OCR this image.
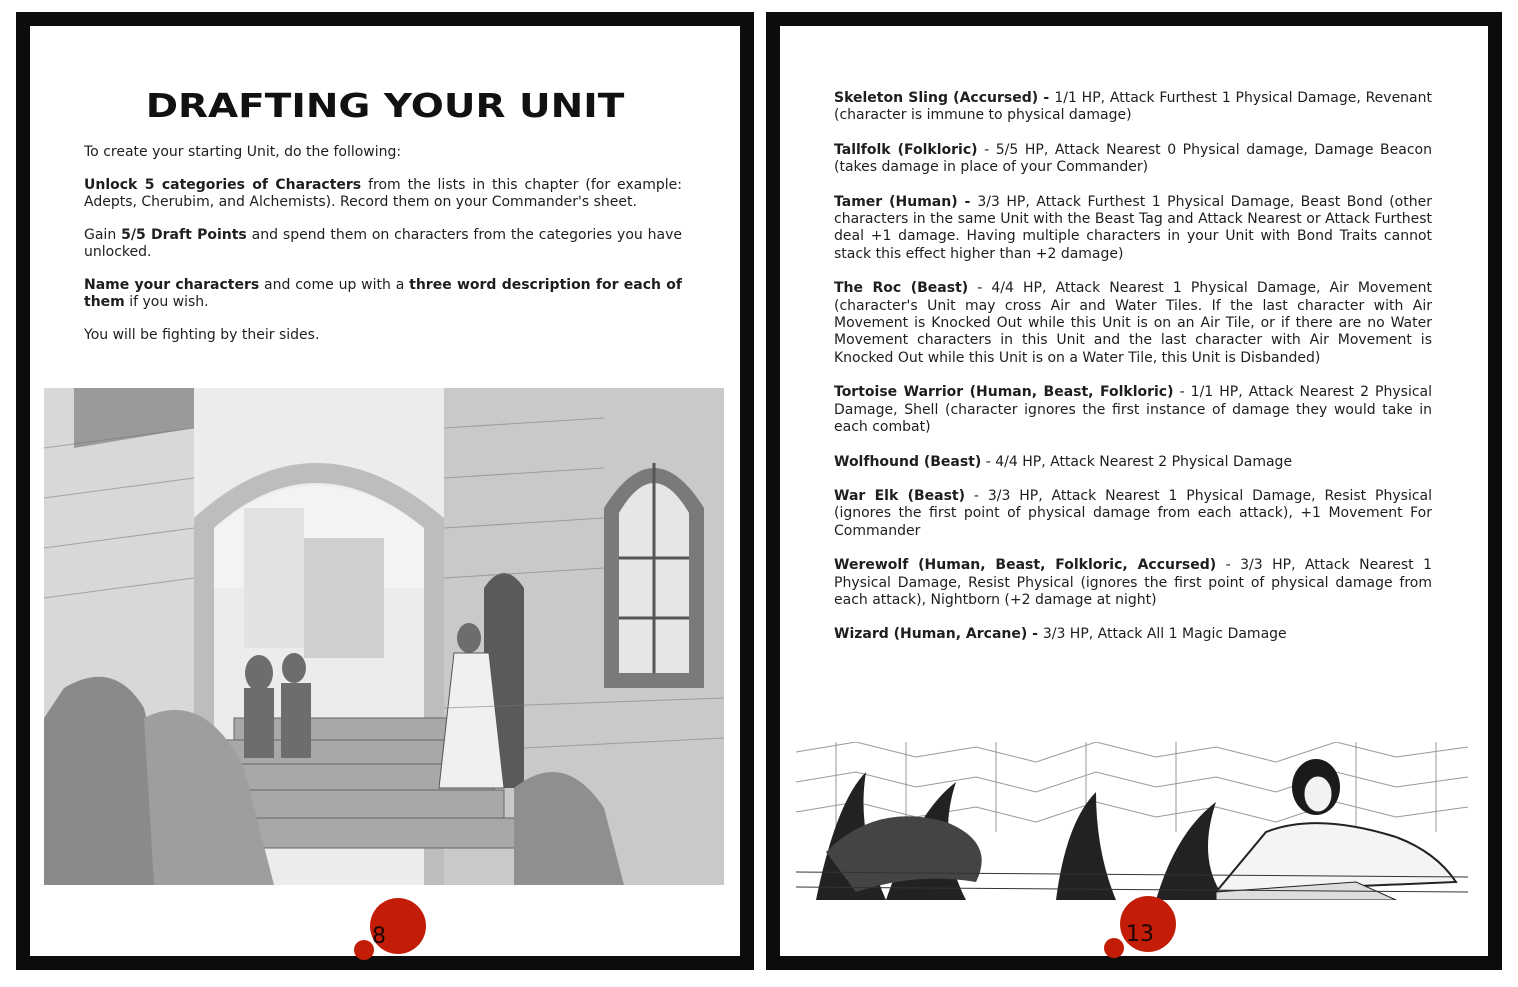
DRAFTING YOUR UNIT

To create your starting Unit, do the following:

Unlock 5 categories of Characters from the lists in this chapter (for example: Adepts, Cherubim, and Alchemists). Record them on your Commander's sheet.

Gain 5/5 Draft Points and spend them on characters from the categories you have unlocked.

Name your characters and come up with a three word description for each of them if you wish.

You will be fighting by their sides.

8

Skeleton Sling (Accursed) - 1/1 HP, Attack Furthest 1 Physical Damage, Revenant (character is immune to physical damage)

Tallfolk (Folkloric) - 5/5 HP, Attack Nearest 0 Physical damage, Damage Beacon (takes damage in place of your Commander)

Tamer (Human) - 3/3 HP, Attack Furthest 1 Physical Damage, Beast Bond (other characters in the same Unit with the Beast Tag and Attack Nearest or Attack Furthest deal +1 damage. Having multiple characters in your Unit with Bond Traits cannot stack this effect higher than +2 damage)

The Roc (Beast) - 4/4 HP, Attack Nearest 1 Physical Damage, Air Movement (character's Unit may cross Air and Water Tiles. If the last character with Air Movement is Knocked Out while this Unit is on an Air Tile, or if there are no Water Movement characters in this Unit and the last character with Air Movement is Knocked Out while this Unit is on a Water Tile, this Unit is Disbanded)

Tortoise Warrior (Human, Beast, Folkloric) - 1/1 HP, Attack Nearest 2 Physical Damage, Shell (character ignores the first instance of damage they would take in each combat)

Wolfhound (Beast) - 4/4 HP, Attack Nearest 2 Physical Damage

War Elk (Beast) - 3/3 HP, Attack Nearest 1 Physical Damage, Resist Physical (ignores the first point of physical damage from each attack), +1 Movement For Commander

Werewolf (Human, Beast, Folkloric, Accursed) - 3/3 HP, Attack Nearest 1 Physical Damage, Resist Physical (ignores the first point of physical damage from each attack), Nightborn (+2 damage at night)

Wizard (Human, Arcane) - 3/3 HP, Attack All 1 Magic Damage

13
